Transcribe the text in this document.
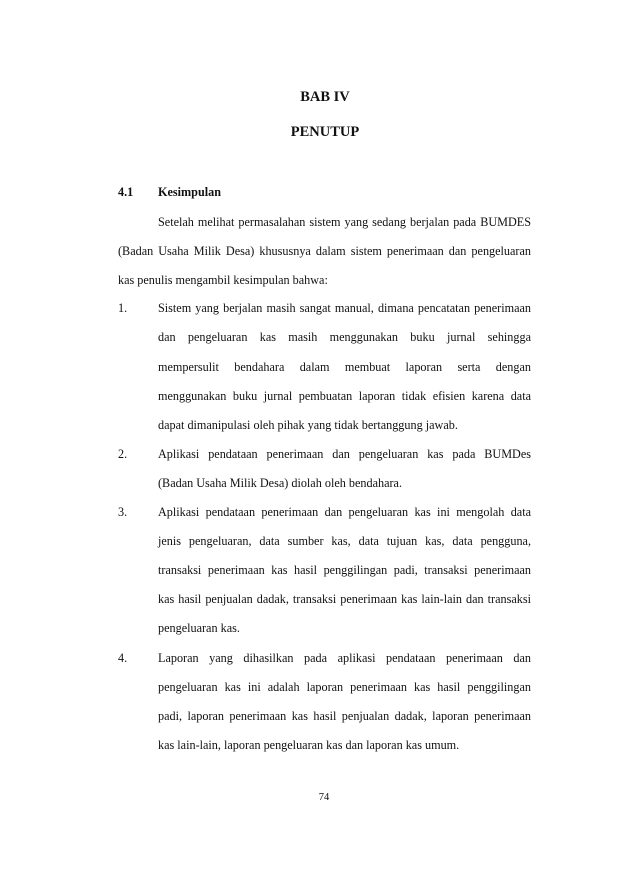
BAB IV
PENUTUP
4.1 Kesimpulan
Setelah melihat permasalahan sistem yang sedang berjalan pada BUMDES
(Badan Usaha Milik Desa) khususnya dalam sistem penerimaan dan pengeluaran
kas penulis mengambil kesimpulan bahwa:
1.	Sistem yang berjalan masih sangat manual, dimana pencatatan penerimaan
dan pengeluaran kas masih menggunakan buku jurnal sehingga
mempersulit bendahara dalam membuat laporan serta dengan
menggunakan buku jurnal pembuatan laporan tidak efisien karena data
dapat dimanipulasi oleh pihak yang tidak bertanggung jawab.
2.	Aplikasi pendataan penerimaan dan pengeluaran kas pada BUMDes
(Badan Usaha Milik Desa) diolah oleh bendahara.
3.	Aplikasi pendataan penerimaan dan pengeluaran kas ini mengolah data
jenis pengeluaran, data sumber kas, data tujuan kas, data pengguna,
transaksi penerimaan kas hasil penggilingan padi, transaksi penerimaan
kas hasil penjualan dadak, transaksi penerimaan kas lain-lain dan transaksi
pengeluaran kas.
4.	Laporan yang dihasilkan pada aplikasi pendataan penerimaan dan
pengeluaran kas ini adalah laporan penerimaan kas hasil penggilingan
padi, laporan penerimaan kas hasil penjualan dadak, laporan penerimaan
kas lain-lain, laporan pengeluaran kas dan laporan kas umum.
74
